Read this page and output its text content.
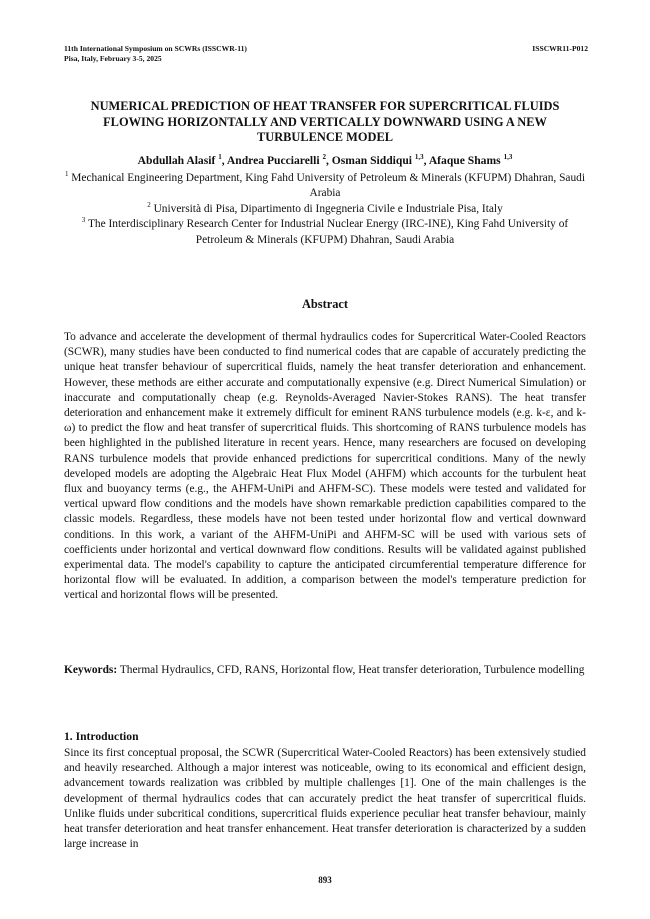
11th International Symposium on SCWRs (ISSCWR-11)
Pisa, Italy, February 3-5, 2025
ISSCWR11-P012
NUMERICAL PREDICTION OF HEAT TRANSFER FOR SUPERCRITICAL FLUIDS FLOWING HORIZONTALLY AND VERTICALLY DOWNWARD USING A NEW TURBULENCE MODEL
Abdullah Alasif $^1$, Andrea Pucciarelli $^2$, Osman Siddiqui $^{1,3}$, Afaque Shams $^{1,3}$

$^1$ Mechanical Engineering Department, King Fahd University of Petroleum & Minerals (KFUPM) Dhahran, Saudi Arabia

$^2$ Università di Pisa, Dipartimento di Ingegneria Civile e Industriale Pisa, Italy

$^3$ The Interdisciplinary Research Center for Industrial Nuclear Energy (IRC-INE), King Fahd University of Petroleum & Minerals (KFUPM) Dhahran, Saudi Arabia

Abstract

To advance and accelerate the development of thermal hydraulics codes for Supercritical Water-Cooled Reactors (SCWR), many studies have been conducted to find numerical codes that are capable of accurately predicting the unique heat transfer behaviour of supercritical fluids, namely the heat transfer deterioration and enhancement. However, these methods are either accurate and computationally expensive (e.g. Direct Numerical Simulation) or inaccurate and computationally cheap (e.g. Reynolds-Averaged Navier-Stokes RANS). The heat transfer deterioration and enhancement make it extremely difficult for eminent RANS turbulence models (e.g. k-ε, and k-ω) to predict the flow and heat transfer of supercritical fluids. This shortcoming of RANS turbulence models has been highlighted in the published literature in recent years. Hence, many researchers are focused on developing RANS turbulence models that provide enhanced predictions for supercritical conditions. Many of the newly developed models are adopting the Algebraic Heat Flux Model (AHFM) which accounts for the turbulent heat flux and buoyancy terms (e.g., the AHFM-UniPi and AHFM-SC). These models were tested and validated for vertical upward flow conditions and the models have shown remarkable prediction capabilities compared to the classic models. Regardless, these models have not been tested under horizontal flow and vertical downward conditions. In this work, a variant of the AHFM-UniPi and AHFM-SC will be used with various sets of coefficients under horizontal and vertical downward flow conditions. Results will be validated against published experimental data. The model's capability to capture the anticipated circumferential temperature difference for horizontal flow will be evaluated. In addition, a comparison between the model's temperature prediction for vertical and horizontal flows will be presented.

Keywords: Thermal Hydraulics, CFD, RANS, Horizontal flow, Heat transfer deterioration, Turbulence modelling

1. Introduction

Since its first conceptual proposal, the SCWR (Supercritical Water-Cooled Reactors) has been extensively studied and heavily researched. Although a major interest was noticeable, owing to its economical and efficient design, advancement towards realization was cribbled by multiple challenges [1]. One of the main challenges is the development of thermal hydraulics codes that can accurately predict the heat transfer of supercritical fluids. Unlike fluids under subcritical conditions, supercritical fluids experience peculiar heat transfer behaviour, mainly heat transfer deterioration and heat transfer enhancement. Heat transfer deterioration is characterized by a sudden large increase in

893
